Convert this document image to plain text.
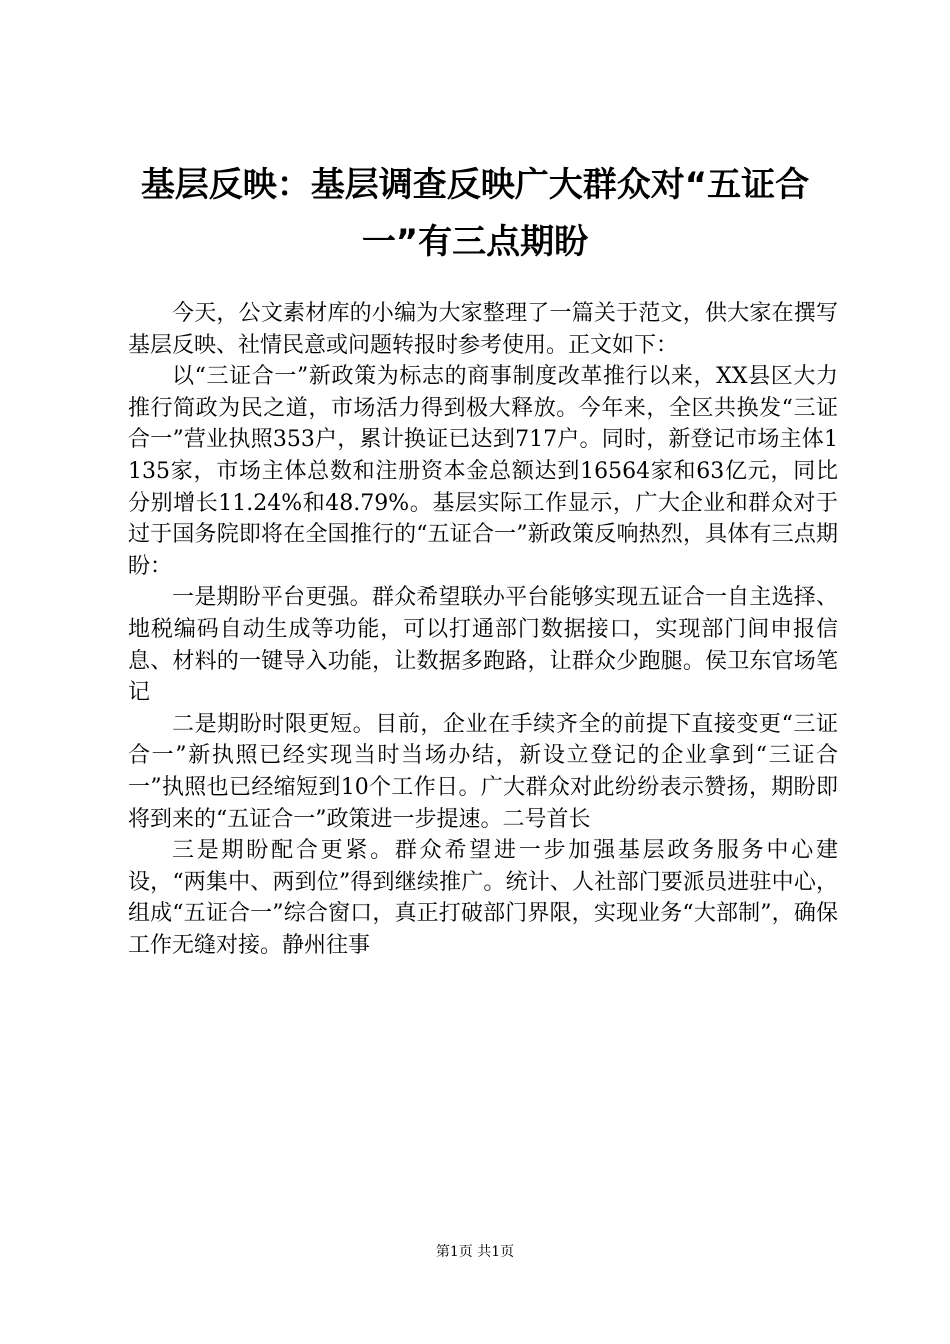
基层反映：基层调查反映广大群众对“五证合
一”有三点期盼

今天，公文素材库的小编为大家整理了一篇关于范文，供大家在撰写基层反映、社情民意或问题转报时参考使用。正文如下：

以“三证合一”新政策为标志的商事制度改革推行以来，XX县区大力推行简政为民之道，市场活力得到极大释放。今年来，全区共换发“三证合一”营业执照353户，累计换证已达到717户。同时，新登记市场主体1135家，市场主体总数和注册资本金总额达到16564家和63亿元，同比分别增长11.24%和48.79%。基层实际工作显示，广大企业和群众对于过于国务院即将在全国推行的“五证合一”新政策反响热烈，具体有三点期盼：

一是期盼平台更强。群众希望联办平台能够实现五证合一自主选择、地税编码自动生成等功能，可以打通部门数据接口，实现部门间申报信息、材料的一键导入功能，让数据多跑路，让群众少跑腿。侯卫东官场笔记

二是期盼时限更短。目前，企业在手续齐全的前提下直接变更“三证合一”新执照已经实现当时当场办结，新设立登记的企业拿到“三证合一”执照也已经缩短到10个工作日。广大群众对此纷纷表示赞扬，期盼即将到来的“五证合一”政策进一步提速。二号首长

三是期盼配合更紧。群众希望进一步加强基层政务服务中心建设，“两集中、两到位”得到继续推广。统计、人社部门要派员进驻中心，组成“五证合一”综合窗口，真正打破部门界限，实现业务“大部制”，确保工作无缝对接。静州往事

第1页 共1页
